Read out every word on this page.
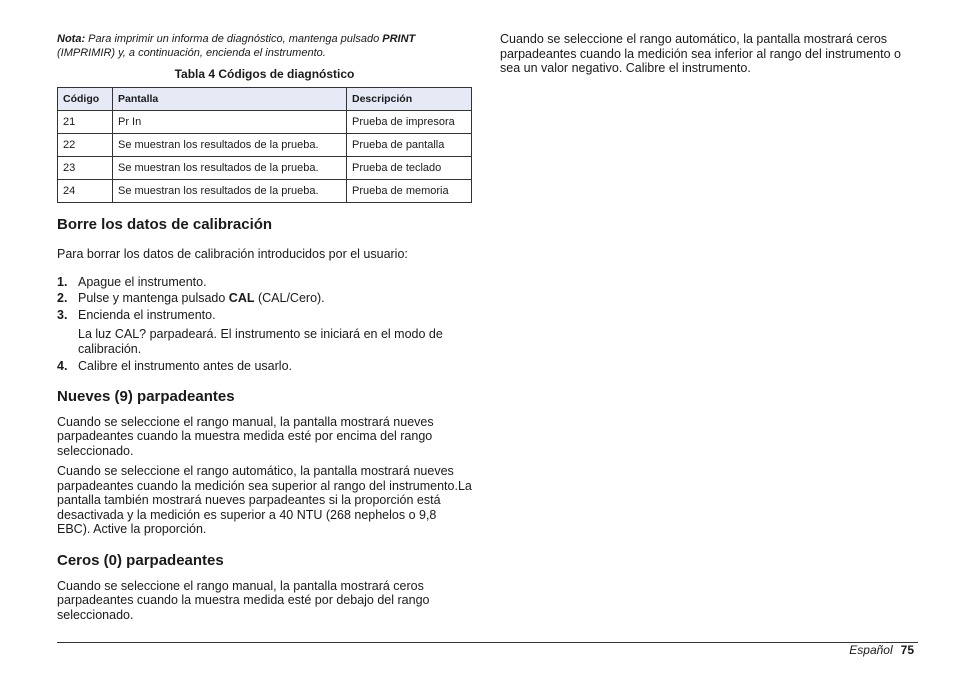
Nota: Para imprimir un informa de diagnóstico, mantenga pulsado PRINT (IMPRIMIR) y, a continuación, encienda el instrumento.

Tabla 4 Códigos de diagnóstico
Código	Pantalla	Descripción
21	Pr In	Prueba de impresora
22	Se muestran los resultados de la prueba.	Prueba de pantalla
23	Se muestran los resultados de la prueba.	Prueba de teclado
24	Se muestran los resultados de la prueba.	Prueba de memoria
Borre los datos de calibración

Para borrar los datos de calibración introducidos por el usuario:

1. Apague el instrumento.
2. Pulse y mantenga pulsado CAL (CAL/Cero).
3. Encienda el instrumento.
La luz CAL? parpadeará. El instrumento se iniciará en el modo de calibración.
4. Calibre el instrumento antes de usarlo.
Nueves (9) parpadeantes

Cuando se seleccione el rango manual, la pantalla mostrará nueves parpadeantes cuando la muestra medida esté por encima del rango seleccionado.

Cuando se seleccione el rango automático, la pantalla mostrará nueves parpadeantes cuando la medición sea superior al rango del instrumento.La pantalla también mostrará nueves parpadeantes si la proporción está desactivada y la medición es superior a 40 NTU (268 nephelos o 9,8 EBC). Active la proporción.

Ceros (0) parpadeantes

Cuando se seleccione el rango manual, la pantalla mostrará ceros parpadeantes cuando la muestra medida esté por debajo del rango seleccionado.

Cuando se seleccione el rango automático, la pantalla mostrará ceros parpadeantes cuando la medición sea inferior al rango del instrumento o sea un valor negativo. Calibre el instrumento.

Español 75
